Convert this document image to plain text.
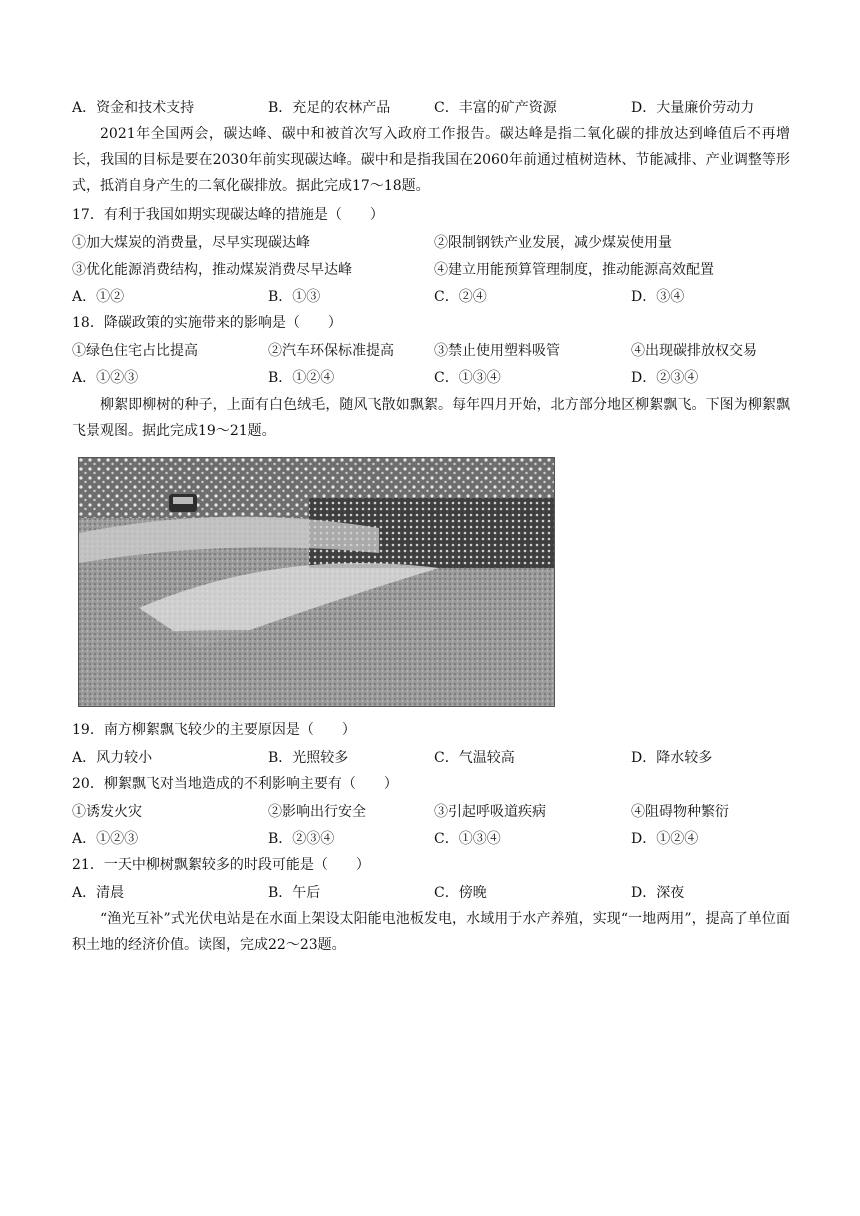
A．资金和技术支持	B．充足的农林产品	C．丰富的矿产资源	D．大量廉价劳动力
2021年全国两会，碳达峰、碳中和被首次写入政府工作报告。碳达峰是指二氧化碳的排放达到峰值后不再增长，我国的目标是要在2030年前实现碳达峰。碳中和是指我国在2060年前通过植树造林、节能减排、产业调整等形式，抵消自身产生的二氧化碳排放。据此完成17～18题。
17．有利于我国如期实现碳达峰的措施是（　　）
①加大煤炭的消费量，尽早实现碳达峰	②限制钢铁产业发展，减少煤炭使用量
③优化能源消费结构，推动煤炭消费尽早达峰	④建立用能预算管理制度，推动能源高效配置
A．①②	B．①③	C．②④	D．③④
18．降碳政策的实施带来的影响是（　　）
①绿色住宅占比提高	②汽车环保标准提高	③禁止使用塑料吸管	④出现碳排放权交易
A．①②③	B．①②④	C．①③④	D．②③④
柳絮即柳树的种子，上面有白色绒毛，随风飞散如飘絮。每年四月开始，北方部分地区柳絮飘飞。下图为柳絮飘飞景观图。据此完成19～21题。
19．南方柳絮飘飞较少的主要原因是（　　）
A．风力较小	B．光照较多	C．气温较高	D．降水较多
20．柳絮飘飞对当地造成的不利影响主要有（　　）
①诱发火灾	②影响出行安全	③引起呼吸道疾病	④阻碍物种繁衍
A．①②③	B．②③④	C．①③④	D．①②④
21．一天中柳树飘絮较多的时段可能是（　　）
A．清晨	B．午后	C．傍晚	D．深夜
“渔光互补”式光伏电站是在水面上架设太阳能电池板发电，水域用于水产养殖，实现“一地两用”，提高了单位面积土地的经济价值。读图，完成22～23题。
